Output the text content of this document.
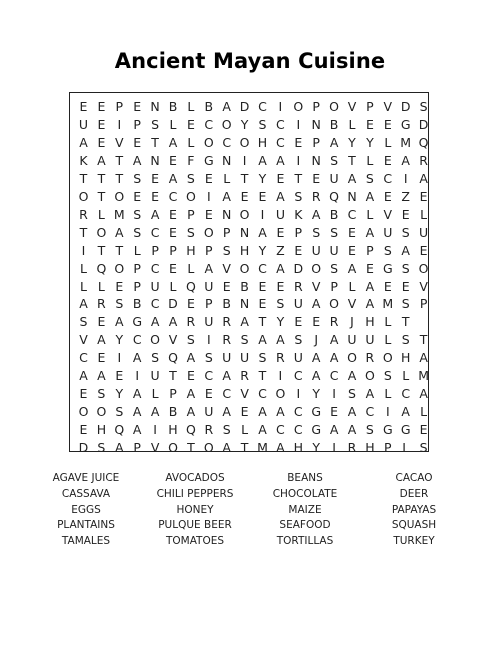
Ancient Mayan Cuisine
E E P E N B L B A D C I O P O V P V D S
U E I P S L E C O Y S C I N B L E E G D
A E V E T A L O C O H C E P A Y Y L M Q
K A T A N E F G N I A A I N S T L E A R
T T T S E A S E L T Y E T E U A S C I A
O T O E E C O I A E E A S R Q N A E Z E
R L M S A E P E N O I U K A B C L V E L
T O A S C E S O P N A E P S S E A U S U
I T T L P P H P S H Y Z E U U E P S A E
L Q O P C E L A V O C A D O S A E G S O
L L E P U L Q U E B E E R V P L A E E V
A R S B C D E P B N E S U A O V A M S P
S E A G A A R U R A T Y E E R J H L T
V A Y C O V S I R S A A S J A U U L S T
C E I A S Q A S U U S R U A A O R O H A
A A E I U T E C A R T I C A C A O S L M
E S Y A L P A E C V C O I Y I S A L C A
O O S A A B A U A E A A C G E A C I A L
E H Q A I H Q R S L A C C G A A S G G E
D S A P V O T O A T M A H Y I R H P L S
AGAVE JUICE	AVOCADOS	BEANS	CACAO
CASSAVA	CHILI PEPPERS	CHOCOLATE	DEER
EGGS	HONEY	MAIZE	PAPAYAS
PLANTAINS	PULQUE BEER	SEAFOOD	SQUASH
TAMALES	TOMATOES	TORTILLAS	TURKEY
